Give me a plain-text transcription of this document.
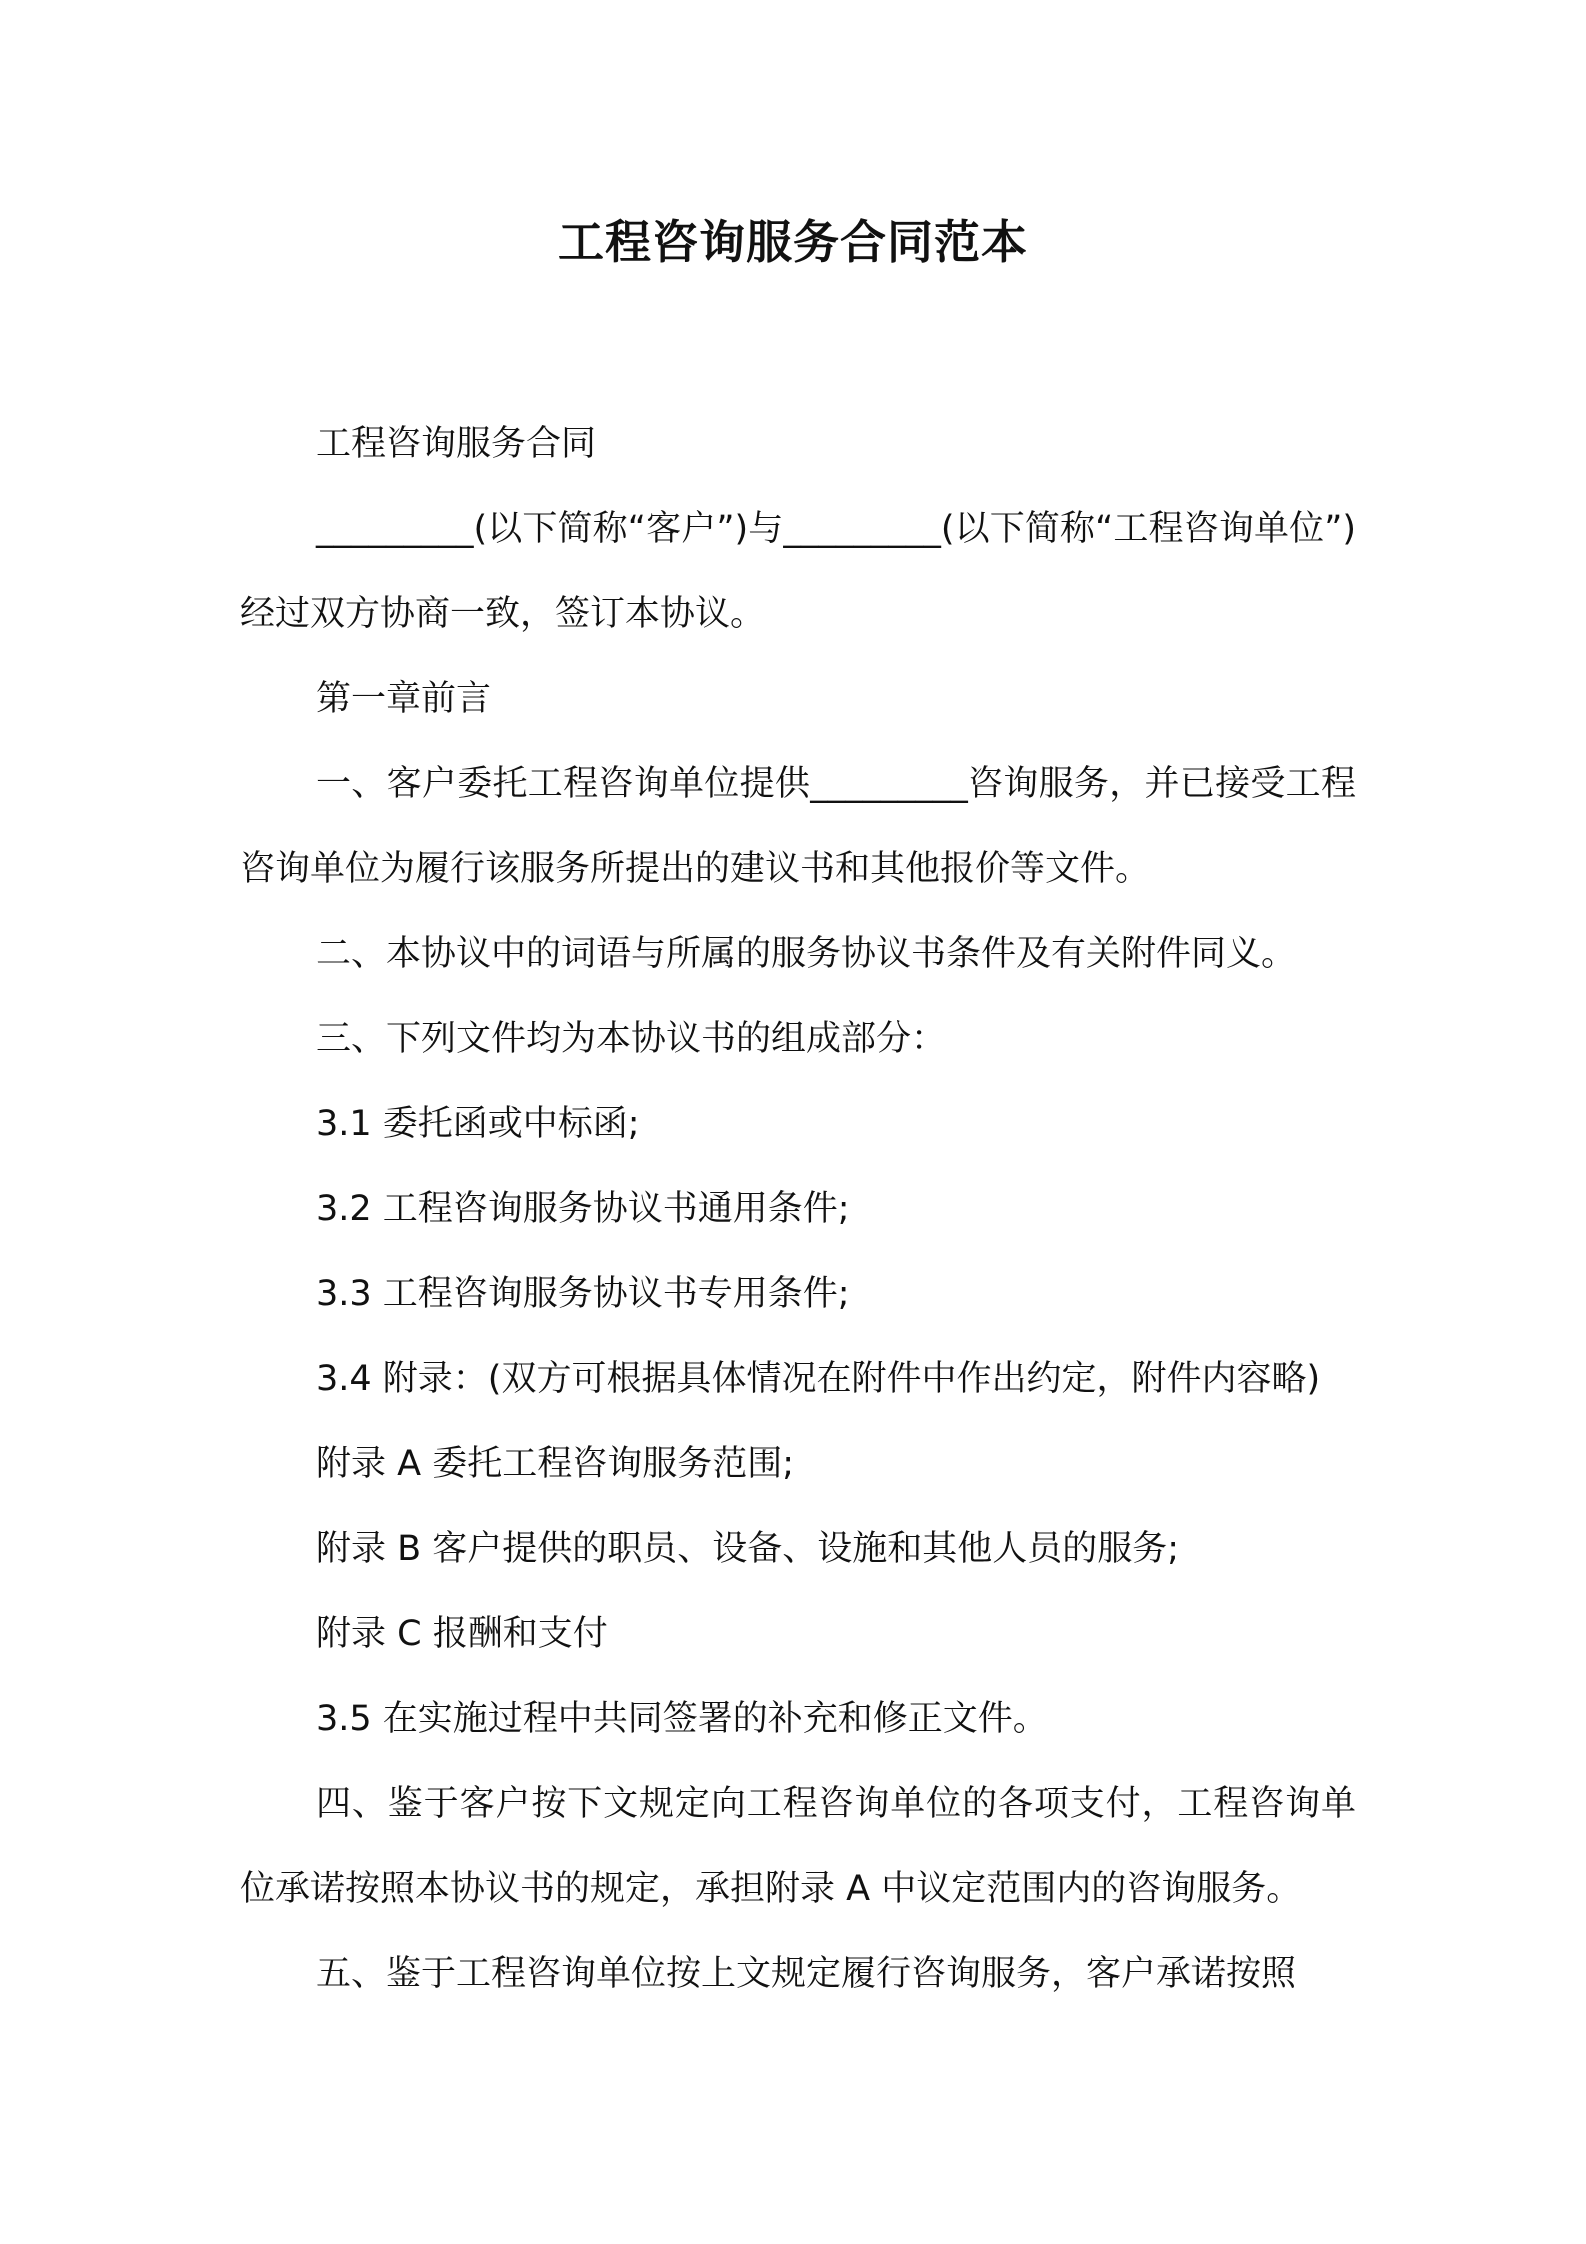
工程咨询服务合同范本

工程咨询服务合同

_________(以下简称“客户”)与_________(以下简称“工程咨询单位”)经过双方协商一致，签订本协议。

第一章前言

一、客户委托工程咨询单位提供_________咨询服务，并已接受工程咨询单位为履行该服务所提出的建议书和其他报价等文件。

二、本协议中的词语与所属的服务协议书条件及有关附件同义。

三、下列文件均为本协议书的组成部分：

3.1 委托函或中标函;

3.2 工程咨询服务协议书通用条件;

3.3 工程咨询服务协议书专用条件;

3.4 附录：(双方可根据具体情况在附件中作出约定，附件内容略)

附录 A 委托工程咨询服务范围;

附录 B 客户提供的职员、设备、设施和其他人员的服务;

附录 C 报酬和支付

3.5 在实施过程中共同签署的补充和修正文件。

四、鉴于客户按下文规定向工程咨询单位的各项支付，工程咨询单位承诺按照本协议书的规定，承担附录 A 中议定范围内的咨询服务。

五、鉴于工程咨询单位按上文规定履行咨询服务，客户承诺按照
